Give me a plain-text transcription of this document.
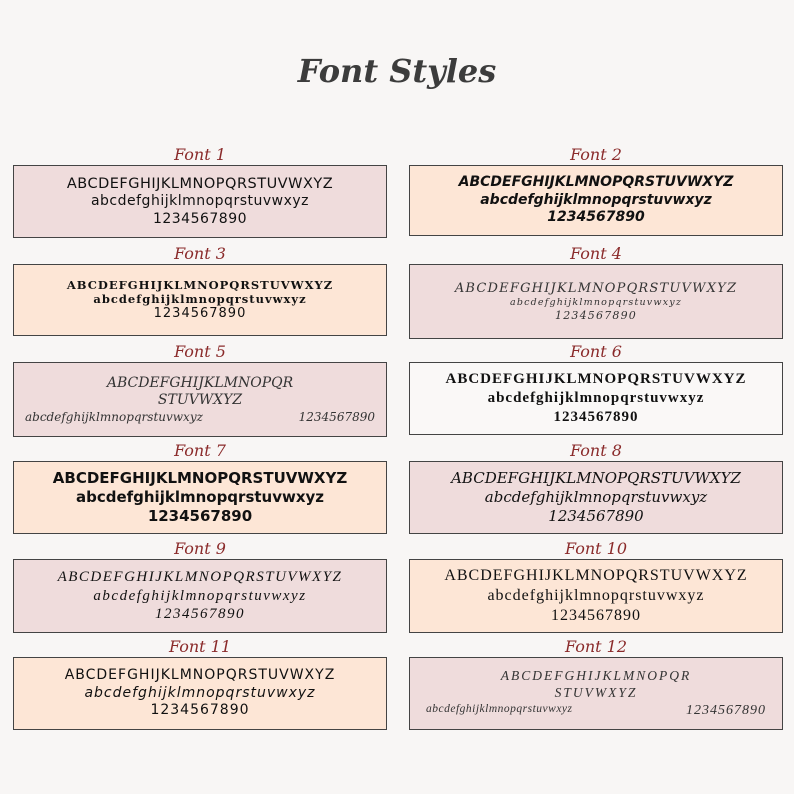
Font Styles
Font 1
ABCDEFGHIJKLMNOPQRSTUVWXYZ
abcdefghijklmnopqrstuvwxyz
1234567890
Font 2
ABCDEFGHIJKLMNOPQRSTUVWXYZ
abcdefghijklmnopqrstuvwxyz
1234567890
Font 3
ABCDEFGHIJKLMNOPQRSTUVWXYZ
abcdefghijklmnopqrstuvwxyz
1234567890
Font 4
ABCDEFGHIJKLMNOPQRSTUVWXYZ
abcdefghijklmnopqrstuvwxyz
1234567890
Font 5
ABCDEFGHIJKLMNOPQR
STUVWXYZ
abcdefghijklmnopqrstuvwxyz	1234567890
Font 6
ABCDEFGHIJKLMNOPQRSTUVWXYZ
abcdefghijklmnopqrstuvwxyz
1234567890
Font 7
ABCDEFGHIJKLMNOPQRSTUVWXYZ
abcdefghijklmnopqrstuvwxyz
1234567890
Font 8
ABCDEFGHIJKLMNOPQRSTUVWXYZ
abcdefghijklmnopqrstuvwxyz
1234567890
Font 9
ABCDEFGHIJKLMNOPQRSTUVWXYZ
abcdefghijklmnopqrstuvwxyz
1234567890
Font 10
ABCDEFGHIJKLMNOPQRSTUVWXYZ
abcdefghijklmnopqrstuvwxyz
1234567890
Font 11
ABCDEFGHIJKLMNOPQRSTUVWXYZ
abcdefghijklmnopqrstuvwxyz
1234567890
Font 12
ABCDEFGHIJKLMNOPQR
STUVWXYZ
abcdefghijklmnopqrstuvwxyz	1234567890
